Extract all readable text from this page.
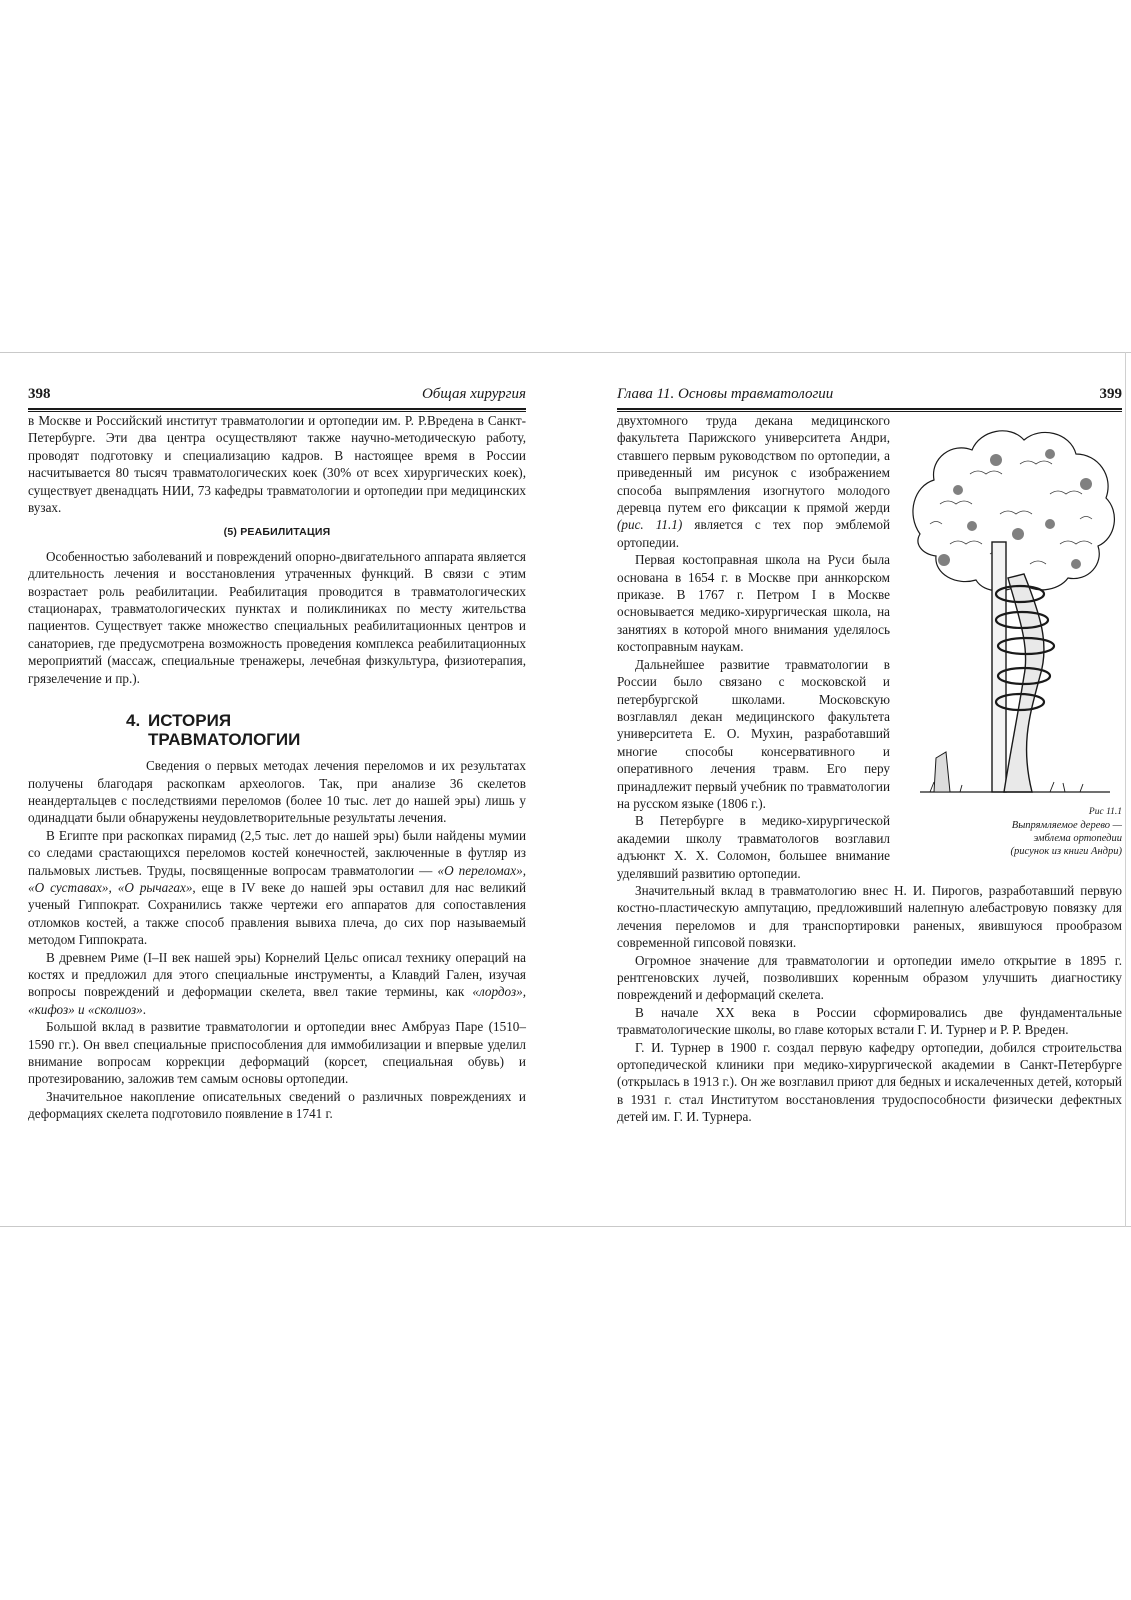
398	Общая хирургия

в Москве и Российский институт травматологии и ортопедии им. Р. Р.Вредена в Санкт-Петербурге. Эти два центра осуществляют также научно-методическую работу, проводят подготовку и специализацию кадров. В настоящее время в России насчитывается 80 тысяч травматологических коек (30% от всех хирургических коек), существует двенадцать НИИ, 73 кафедры травматологии и ортопедии при медицинских вузах.

(5) РЕАБИЛИТАЦИЯ

Особенностью заболеваний и повреждений опорно-двигательного аппарата является длительность лечения и восстановления утраченных функций. В связи с этим возрастает роль реабилитации. Реабилитация проводится в травматологических стационарах, травматологических пунктах и поликлиниках по месту жительства пациентов. Существует также множество специальных реабилитационных центров и санаториев, где предусмотрена возможность проведения комплекса реабилитационных мероприятий (массаж, специальные тренажеры, лечебная физкультура, физиотерапия, грязелечение и пр.).

4. ИСТОРИЯ
ТРАВМАТОЛОГИИ

Сведения о первых методах лечения переломов и их результатах получены благодаря раскопкам археологов. Так, при анализе 36 скелетов неандертальцев с последствиями переломов (более 10 тыс. лет до нашей эры) лишь у одинадцати были обнаружены неудовлетворительные результаты лечения.

В Египте при раскопках пирамид (2,5 тыс. лет до нашей эры) были найдены мумии со следами срастающихся переломов костей конечностей, заключенные в футляр из пальмовых листьев. Труды, посвященные вопросам травматологии — «О переломах», «О суставах», «О рычагах», еще в IV веке до нашей эры оставил для нас великий ученый Гиппократ. Сохранились также чертежи его аппаратов для сопоставления отломков костей, а также способ правления вывиха плеча, до сих пор называемый методом Гиппократа.

В древнем Риме (I–II век нашей эры) Корнелий Цельс описал технику операций на костях и предложил для этого специальные инструменты, а Клавдий Гален, изучая вопросы повреждений и деформации скелета, ввел такие термины, как «лордоз», «кифоз» и «сколиоз».

Большой вклад в развитие травматологии и ортопедии внес Амбруаз Паре (1510–1590 гг.). Он ввел специальные приспособления для иммобилизации и впервые уделил внимание вопросам коррекции деформаций (корсет, специальная обувь) и протезированию, заложив тем самым основы ортопедии.

Значительное накопление описательных сведений о различных повреждениях и деформациях скелета подготовило появление в 1741 г.

Глава 11. Основы травматологии	399

двухтомного труда декана медицинского факультета Парижского университета Андри, ставшего первым руководством по ортопедии, а приведенный им рисунок с изображением способа выпрямления изогнутого молодого деревца путем его фиксации к прямой жерди (рис. 11.1) является с тех пор эмблемой ортопедии.

Первая костоправная школа на Руси была основана в 1654 г. в Москве при аннкорском приказе. В 1767 г. Петром I в Москве основывается медико-хирургическая школа, на занятиях в которой много внимания уделялось костоправным наукам.

Дальнейшее развитие травматологии в России было связано с московской и петербургской школами. Московскую возглавлял декан медицинского факультета университета Е. О. Мухин, разработавший многие способы консервативного и оперативного лечения травм. Его перу принадлежит первый учебник по травматологии на русском языке (1806 г.).

В Петербурге в медико-хирургической академии школу травматологов возглавил адъюнкт Х. Х. Соломон, большее внимание уделявший развитию ортопедии.

Рис 11.1
Выпрямляемое дерево —
эмблема ортопедии
(рисунок из книги Андри)

Значительный вклад в травматологию внес Н. И. Пирогов, разработавший первую костно-пластическую ампутацию, предложивший налепную алебастровую повязку для лечения переломов и для транспортировки раненых, явившуюся прообразом современной гипсовой повязки.

Огромное значение для травматологии и ортопедии имело открытие в 1895 г. рентгеновских лучей, позволивших коренным образом улучшить диагностику повреждений и деформаций скелета.

В начале XX века в России сформировались две фундаментальные травматологические школы, во главе которых встали Г. И. Турнер и Р. Р. Вреден.

Г. И. Турнер в 1900 г. создал первую кафедру ортопедии, добился строительства ортопедической клиники при медико-хирургической академии в Санкт-Петербурге (открылась в 1913 г.). Он же возглавил приют для бедных и искалеченных детей, который в 1931 г. стал Институтом восстановления трудоспособности физически дефектных детей им. Г. И. Турнера.
